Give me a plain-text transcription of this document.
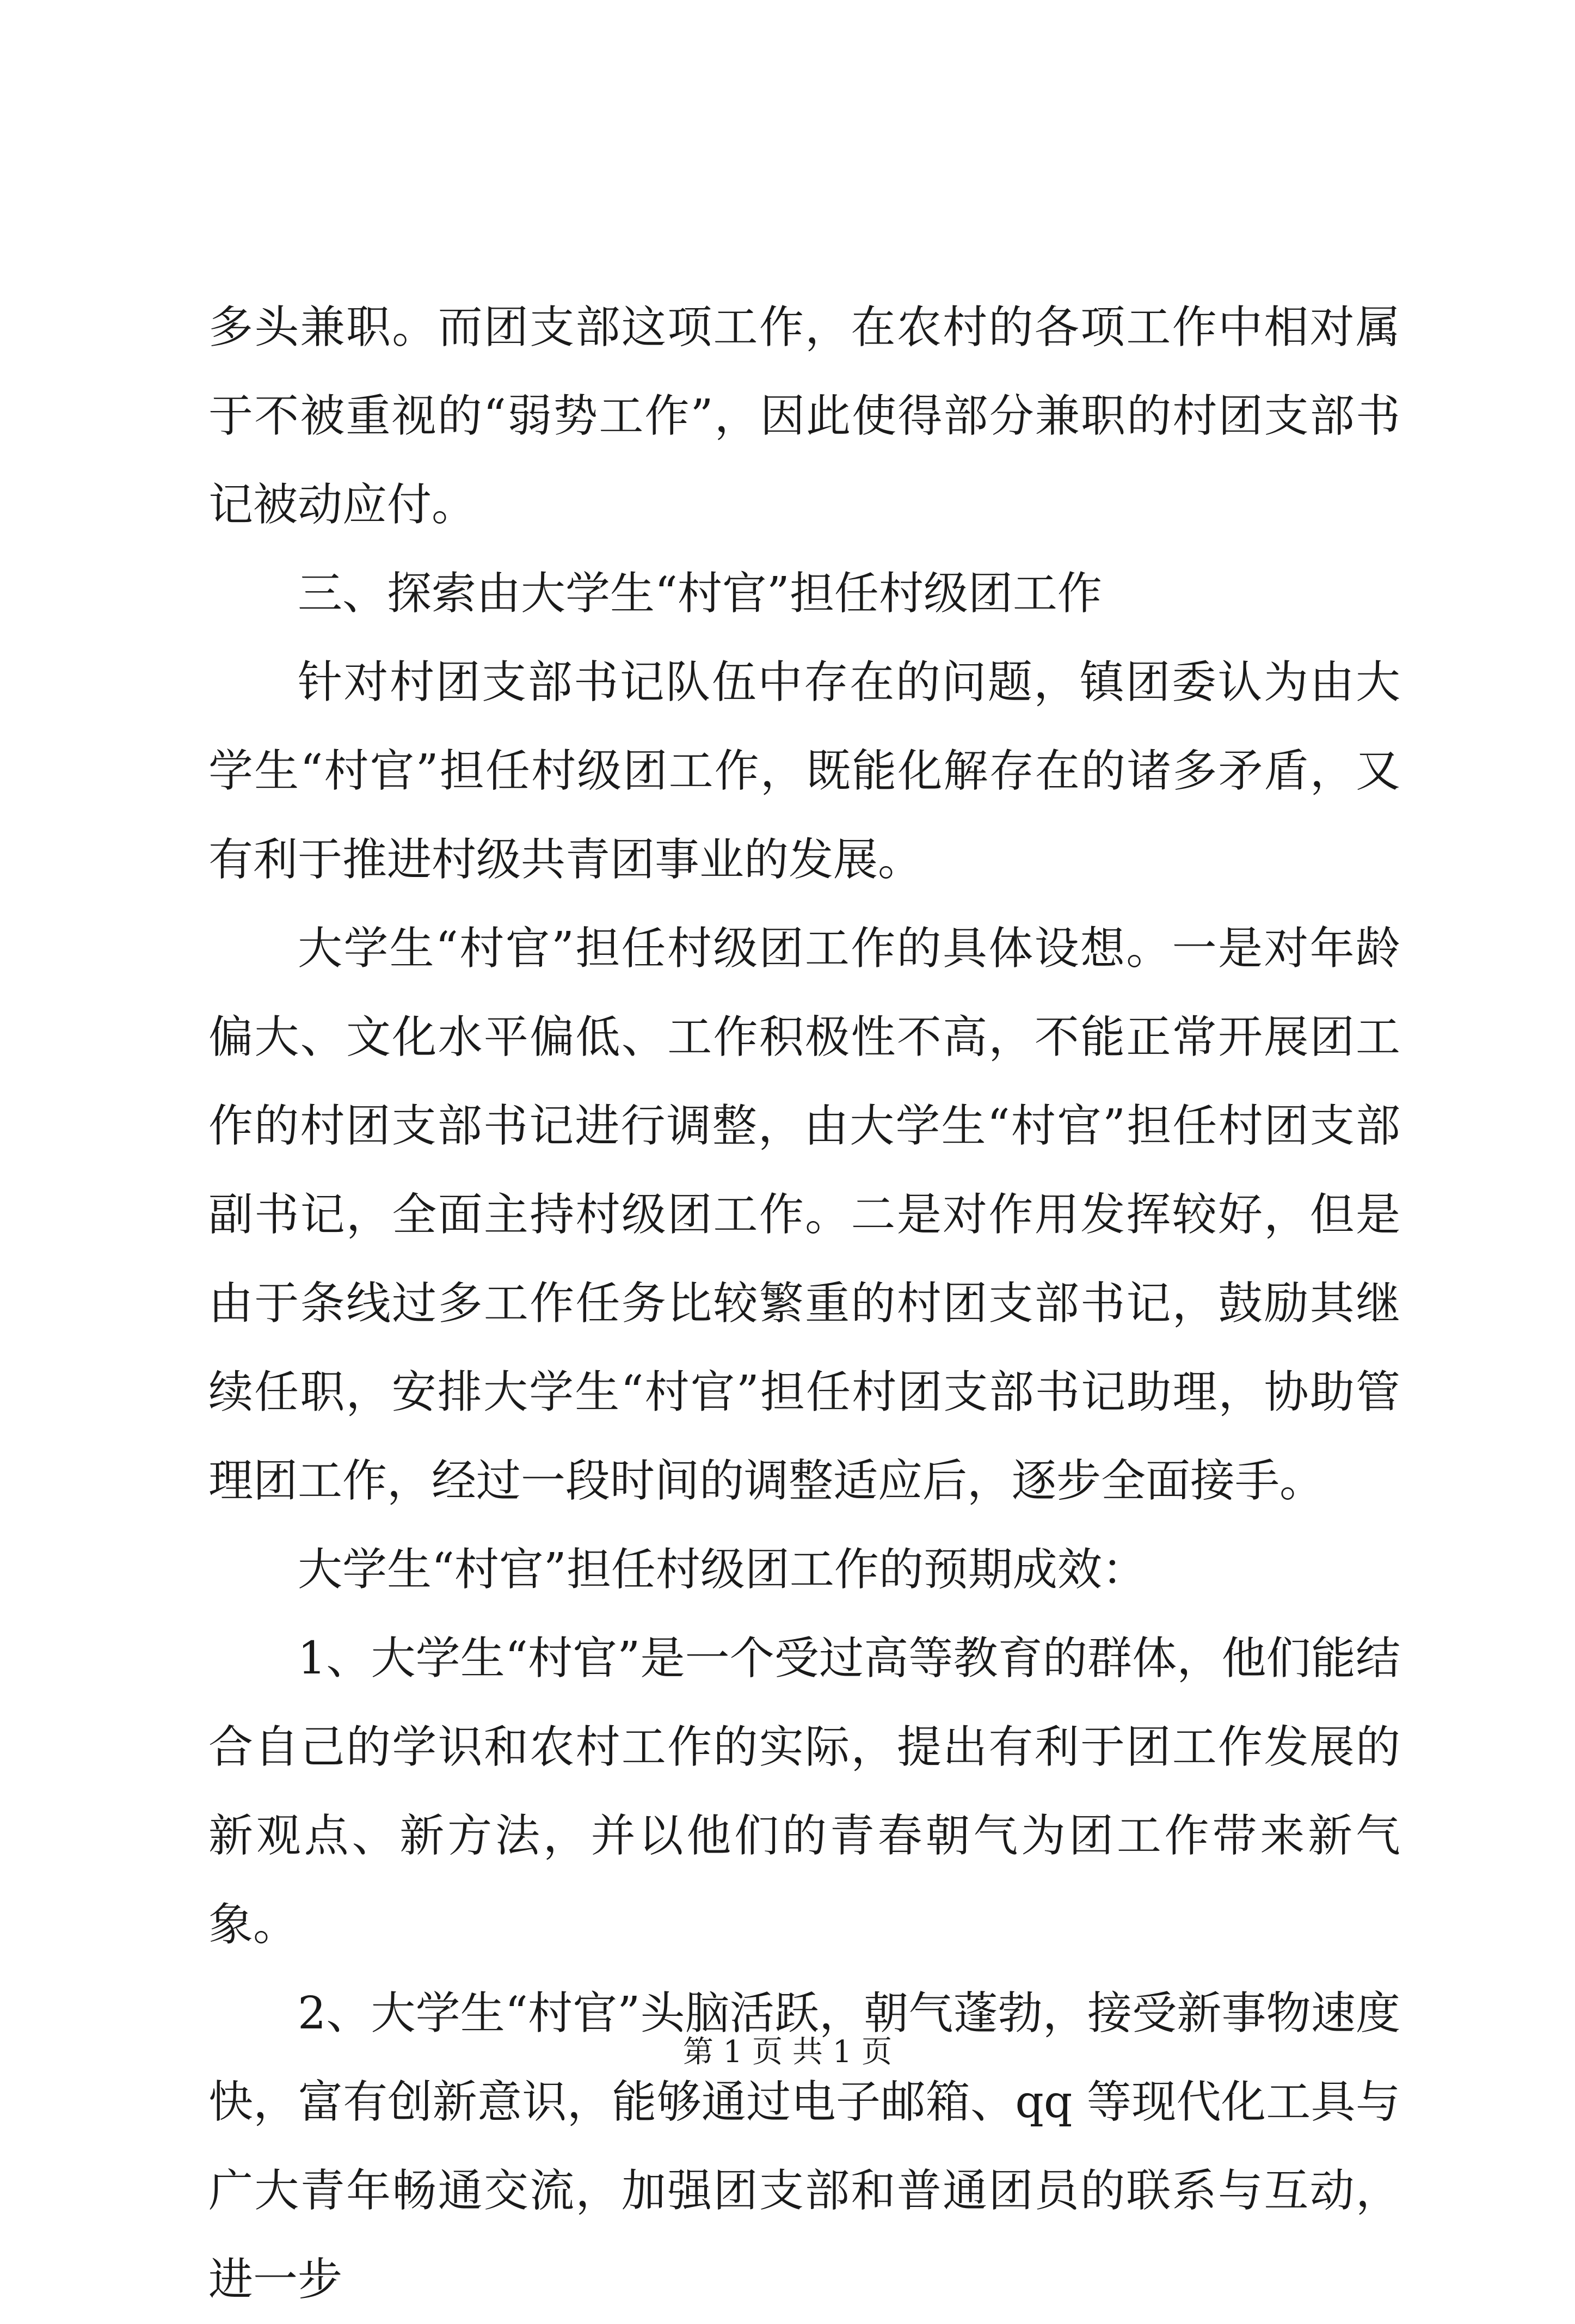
多头兼职。而团支部这项工作，在农村的各项工作中相对属于不被重视的“弱势工作”，因此使得部分兼职的村团支部书记被动应付。

三、探索由大学生“村官”担任村级团工作

针对村团支部书记队伍中存在的问题，镇团委认为由大学生“村官”担任村级团工作，既能化解存在的诸多矛盾，又有利于推进村级共青团事业的发展。

大学生“村官”担任村级团工作的具体设想。一是对年龄偏大、文化水平偏低、工作积极性不高，不能正常开展团工作的村团支部书记进行调整，由大学生“村官”担任村团支部副书记，全面主持村级团工作。二是对作用发挥较好，但是由于条线过多工作任务比较繁重的村团支部书记，鼓励其继续任职，安排大学生“村官”担任村团支部书记助理，协助管理团工作，经过一段时间的调整适应后，逐步全面接手。

大学生“村官”担任村级团工作的预期成效：

1、大学生“村官”是一个受过高等教育的群体，他们能结合自己的学识和农村工作的实际，提出有利于团工作发展的新观点、新方法，并以他们的青春朝气为团工作带来新气象。

2、大学生“村官”头脑活跃，朝气蓬勃，接受新事物速度快，富有创新意识，能够通过电子邮箱、qq 等现代化工具与广大青年畅通交流，加强团支部和普通团员的联系与互动，进一步

第 1 页 共 1 页
